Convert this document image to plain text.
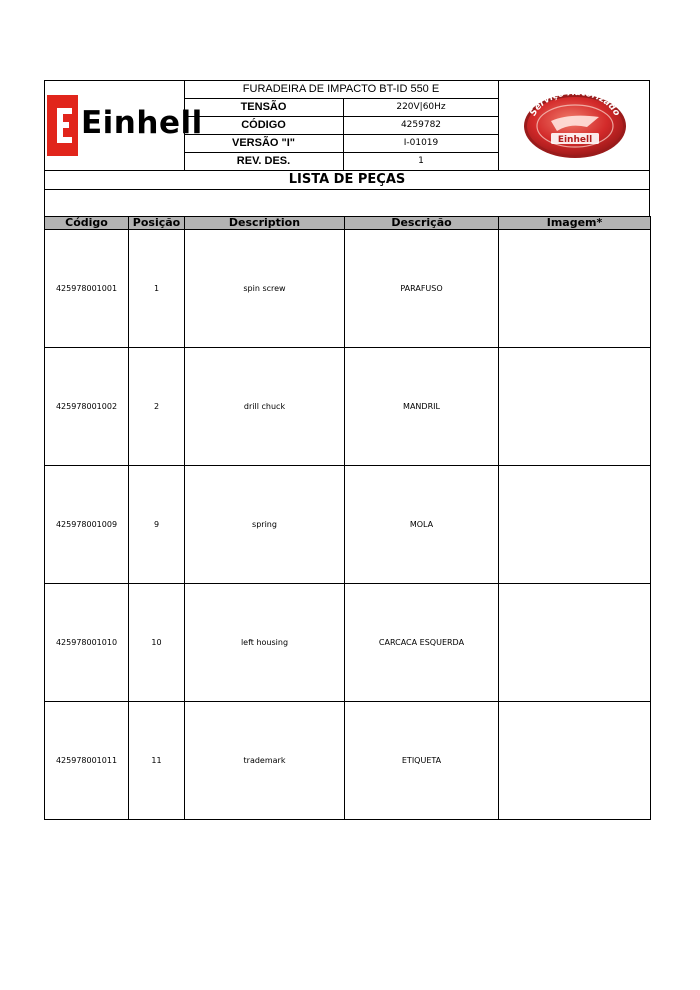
Einhell
FURADEIRA DE IMPACTO BT-ID 550 E
TENSÃO	220V|60Hz
CÓDIGO	4259782
VERSÃO "I"	I-01019
REV. DES.	1
Serviço Autorizado
Einhell
LISTA DE PEÇAS
Código	Posição	Description	Descrição	Imagem*
425978001001	1	spin screw	PARAFUSO	
425978001002	2	drill chuck	MANDRIL	
425978001009	9	spring	MOLA	
425978001010	10	left housing	CARCACA ESQUERDA	
425978001011	11	trademark	ETIQUETA	
